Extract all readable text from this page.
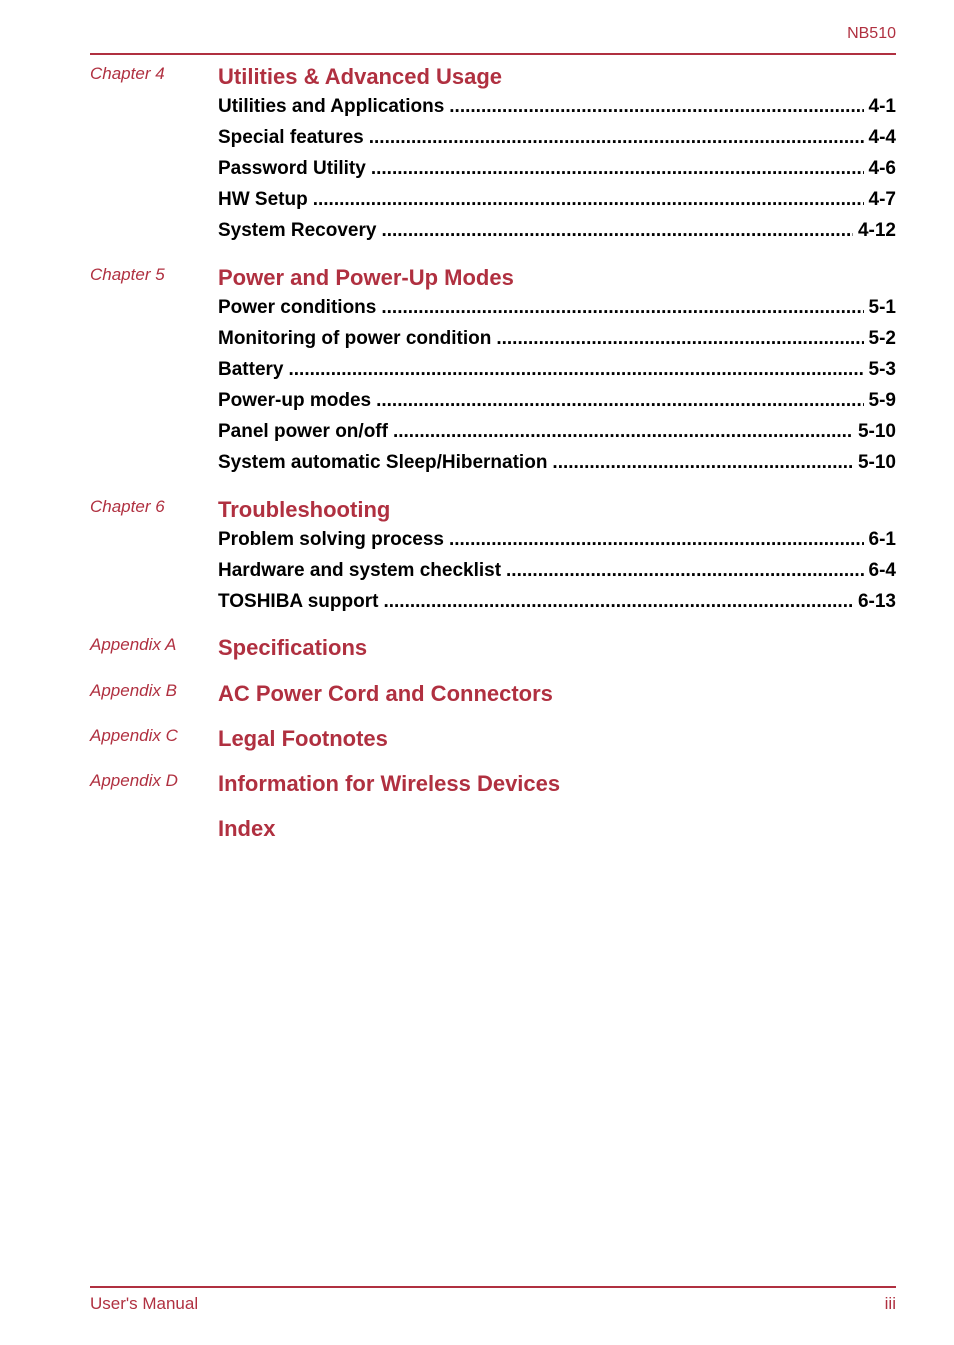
NB510
Chapter 4 Utilities & Advanced Usage
Utilities and Applications .....	4-1
Special features .....	4-4
Password Utility .....	4-6
HW Setup .....	4-7
System Recovery .....	4-12
Chapter 5 Power and Power-Up Modes
Power conditions .....	5-1
Monitoring of power condition .....	5-2
Battery .....	5-3
Power-up modes .....	5-9
Panel power on/off .....	5-10
System automatic Sleep/Hibernation .....	5-10
Chapter 6 Troubleshooting
Problem solving process .....	6-1
Hardware and system checklist .....	6-4
TOSHIBA support .....	6-13
Appendix A Specifications
Appendix B AC Power Cord and Connectors
Appendix C Legal Footnotes
Appendix D Information for Wireless Devices
Index
User's Manual	iii
